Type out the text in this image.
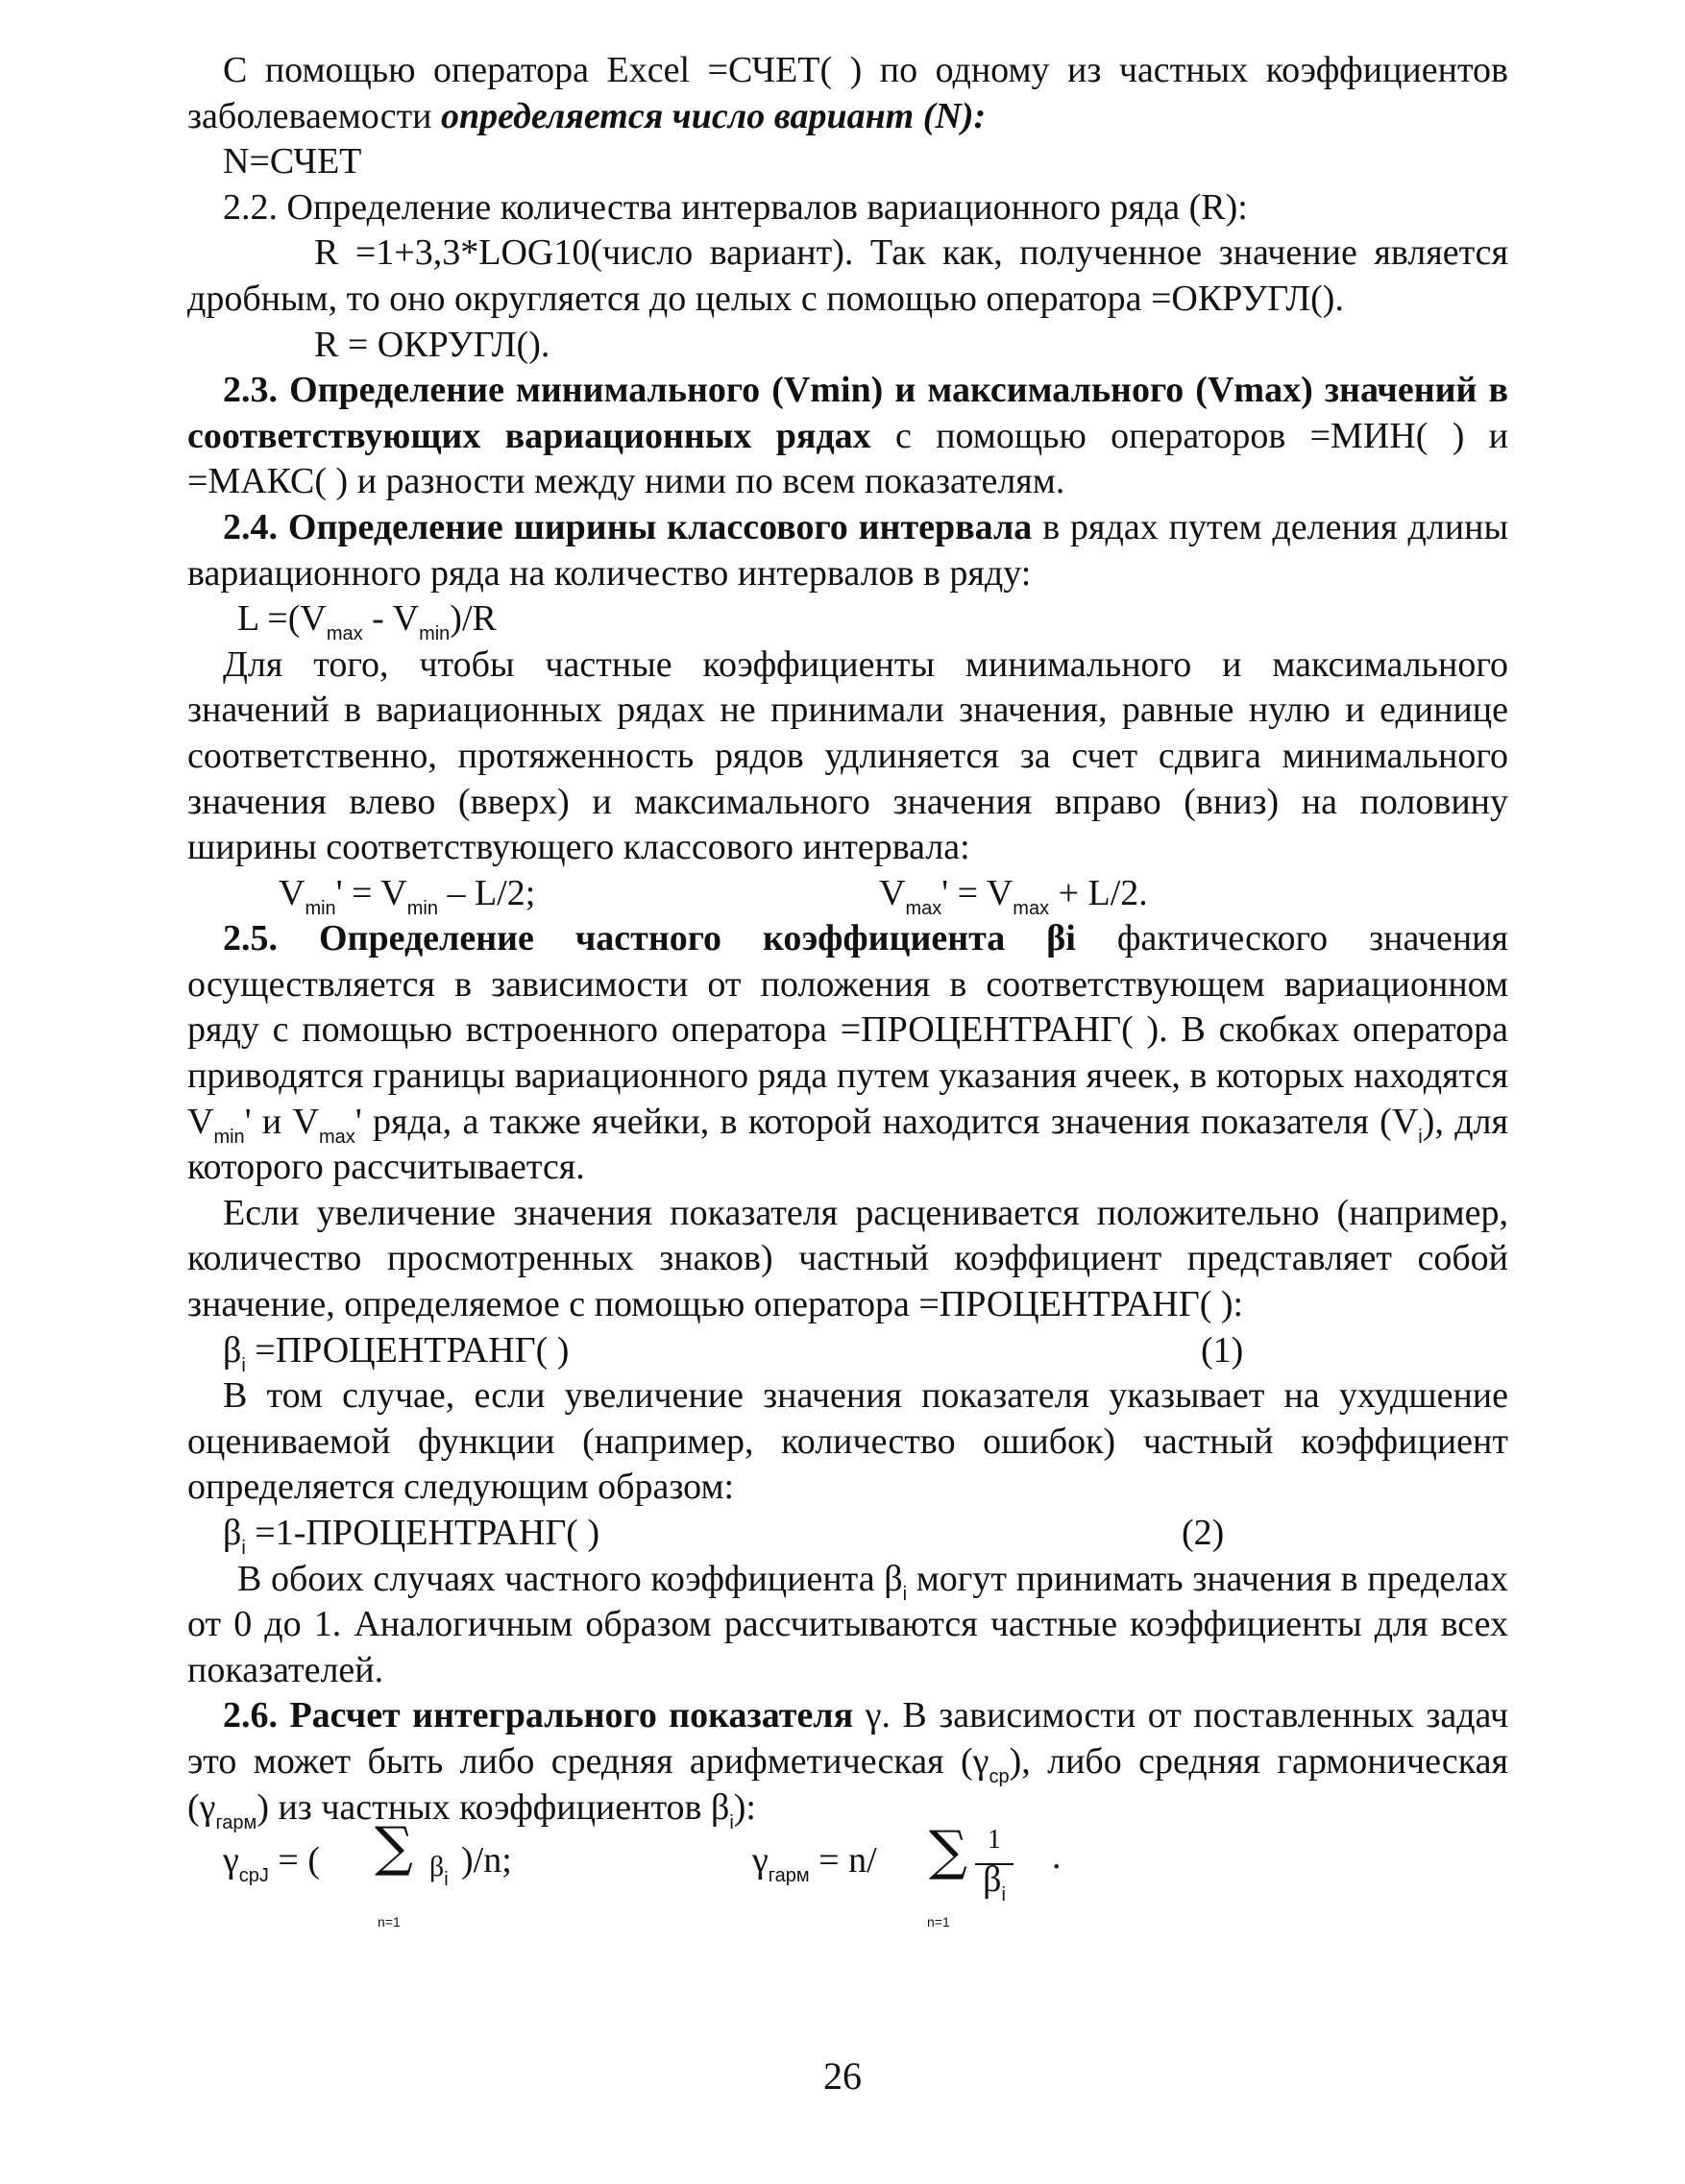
С помощью оператора Excel =СЧЕТ( ) по одному из частных коэффициентов заболеваемости определяется число вариант (N):

N=СЧЕТ

2.2. Определение количества интервалов вариационного ряда (R):

R =1+3,3*LOG10(число вариант). Так как, полученное значение является дробным, то оно округляется до целых с помощью оператора =ОКРУГЛ().

R = ОКРУГЛ().

2.3. Определение минимального (Vmin) и максимального (Vmax) значений в соответствующих вариационных рядах с помощью операторов =МИН( ) и =МАКС( ) и разности между ними по всем показателям.

2.4. Определение ширины классового интервала в рядах путем деления длины вариационного ряда на количество интервалов в ряду:

$L =(V_{max} - V_{min})/R$

Для того, чтобы частные коэффициенты минимального и максимального значений в вариационных рядах не принимали значения, равные нулю и единице соответственно, протяженность рядов удлиняется за счет сдвига минимального значения влево (вверх) и максимального значения вправо (вниз) на половину ширины соответствующего классового интервала:

$V_{min}' = V_{min} - L/2$;	$V_{max}' = V_{max} + L/2$.

2.5. Определение частного коэффициента βi фактического значения осуществляется в зависимости от положения в соответствующем вариационном ряду с помощью встроенного оператора =ПРОЦЕНТРАНГ( ). В скобках оператора приводятся границы вариационного ряда путем указания ячеек, в которых находятся $V_{min}'$ и $V_{max}'$ ряда, а также ячейки, в которой находится значения показателя $(V_i)$, для которого рассчитывается.

Если увеличение значения показателя расценивается положительно (например, количество просмотренных знаков) частный коэффициент представляет собой значение, определяемое с помощью оператора =ПРОЦЕНТРАНГ( ):

$\beta_i$ =ПРОЦЕНТРАНГ( )	(1)

В том случае, если увеличение значения показателя указывает на ухудшение оцениваемой функции (например, количество ошибок) частный коэффициент определяется следующим образом:

$\beta_i$ =1-ПРОЦЕНТРАНГ( )	(2)

В обоих случаях частного коэффициента $\beta_i$ могут принимать значения в пределах от 0 до 1. Аналогичным образом рассчитываются частные коэффициенты для всех показателей.

2.6. Расчет интегрального показателя γ. В зависимости от поставленных задач это может быть либо средняя арифметическая $(\gamma_{ср})$, либо средняя гармоническая $(\gamma_{гарм})$ из частных коэффициентов $\beta_i$):

$\gamma_{срJ}$ = ( ∑
n=1
$\beta_i$ )/n;	$\gamma_{гарм} = n/$ ∑
n=1
1
$\beta_i$
.
26
